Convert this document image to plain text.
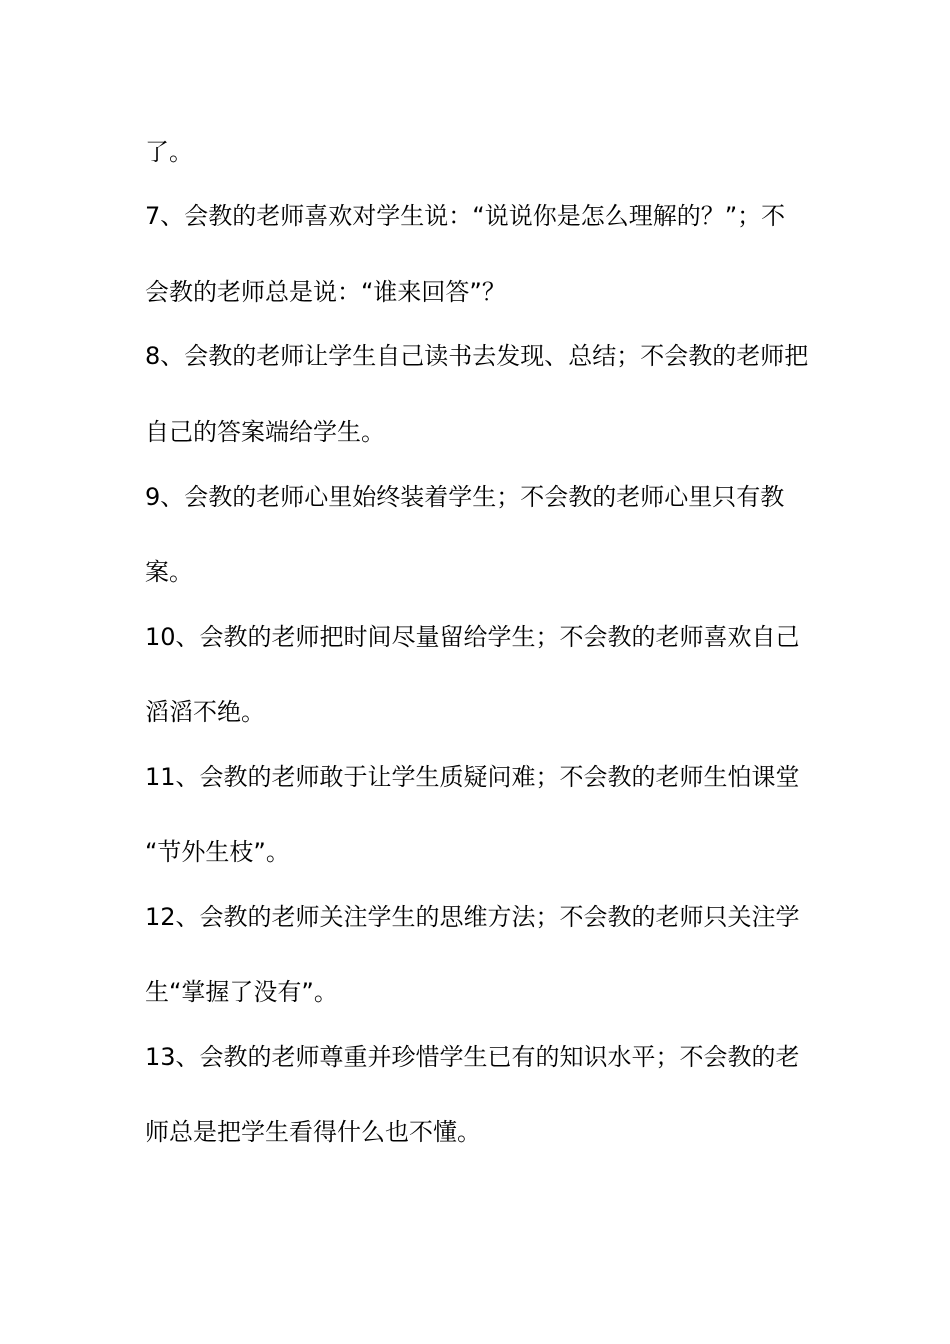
了。
7、会教的老师喜欢对学生说：“说说你是怎么理解的？”；不
会教的老师总是说：“谁来回答”？
8、会教的老师让学生自己读书去发现、总结；不会教的老师把
自己的答案端给学生。
9、会教的老师心里始终装着学生；不会教的老师心里只有教
案。
10、会教的老师把时间尽量留给学生；不会教的老师喜欢自己
滔滔不绝。
11、会教的老师敢于让学生质疑问难；不会教的老师生怕课堂
“节外生枝”。
12、会教的老师关注学生的思维方法；不会教的老师只关注学
生“掌握了没有”。
13、会教的老师尊重并珍惜学生已有的知识水平；不会教的老
师总是把学生看得什么也不懂。
